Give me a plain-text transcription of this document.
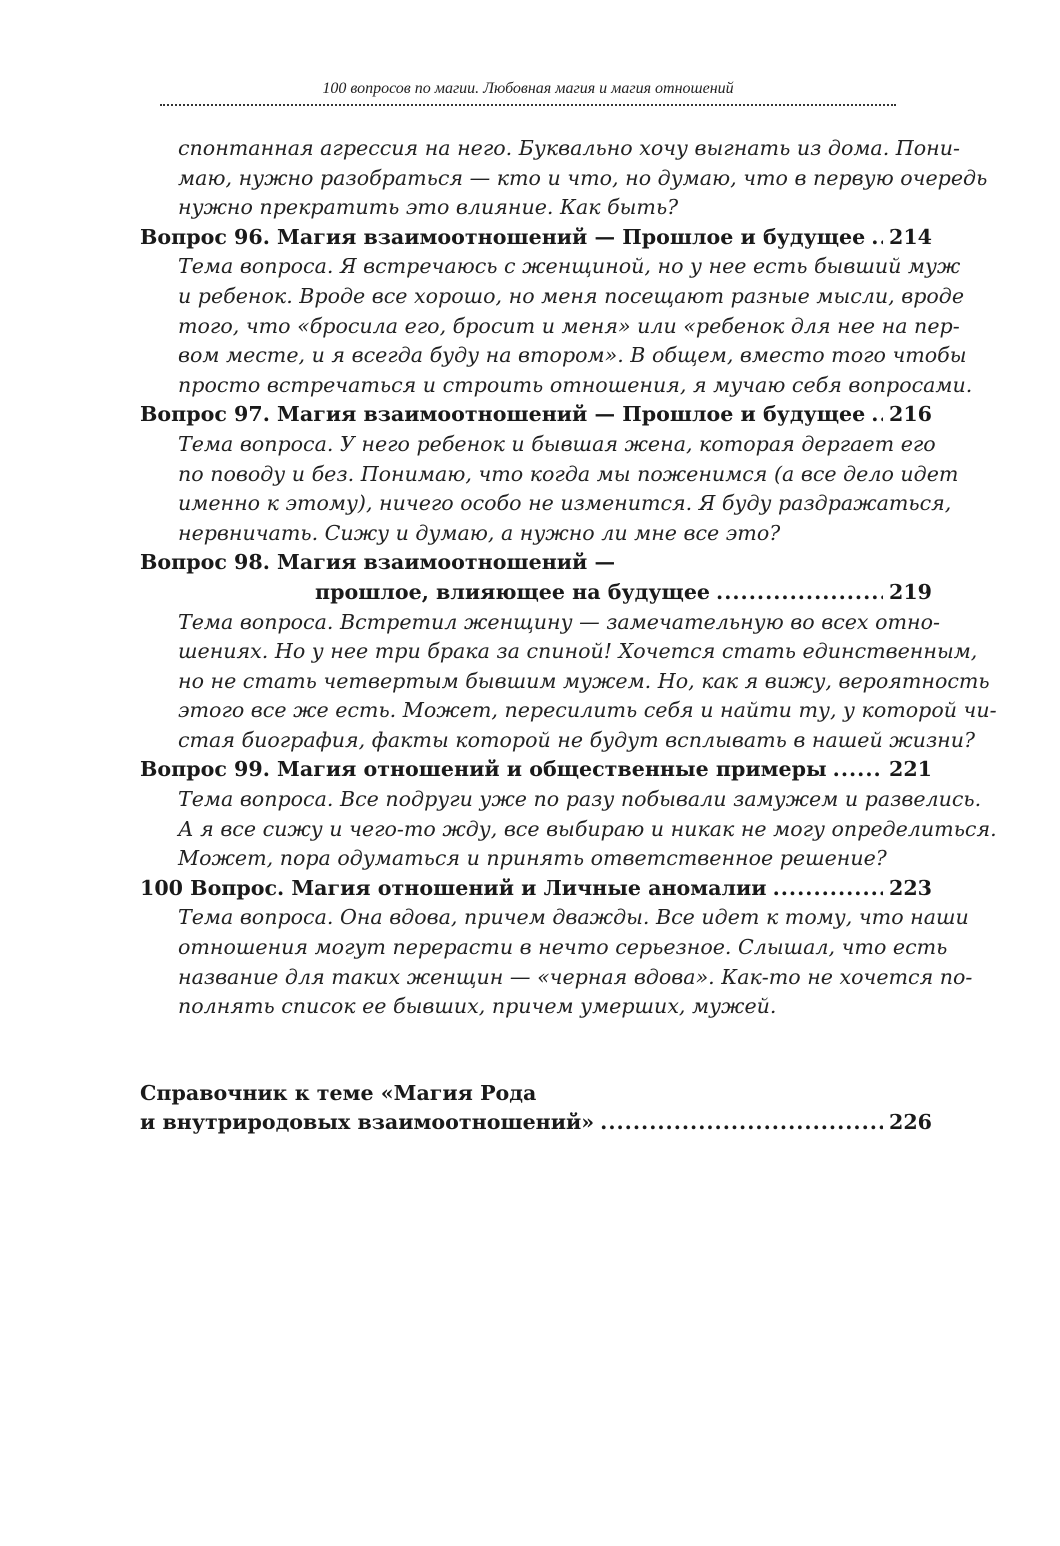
100 вопросов по магии. Любовная магия и магия отношений
спонтанная агрессия на него. Буквально хочу выгнать из дома. Пони-
маю, нужно разобраться — кто и что, но думаю, что в первую очередь
нужно прекратить это влияние. Как быть?
Вопрос 96. Магия взаимоотношений — Прошлое и будущее ..... 214
Тема вопроса. Я встречаюсь с женщиной, но у нее есть бывший муж
и ребенок. Вроде все хорошо, но меня посещают разные мысли, вроде
того, что «бросила его, бросит и меня» или «ребенок для нее на пер-
вом месте, и я всегда буду на втором». В общем, вместо того чтобы
просто встречаться и строить отношения, я мучаю себя вопросами.
Вопрос 97. Магия взаимоотношений — Прошлое и будущее ..... 216
Тема вопроса. У него ребенок и бывшая жена, которая дергает его
по поводу и без. Понимаю, что когда мы поженимся (а все дело идет
именно к этому), ничего особо не изменится. Я буду раздражаться,
нервничать. Сижу и думаю, а нужно ли мне все это?
Вопрос 98. Магия взаимоотношений —
прошлое, влияющее на будущее .....	219
Тема вопроса. Встретил женщину — замечательную во всех отно-
шениях. Но у нее три брака за спиной! Хочется стать единственным,
но не стать четвертым бывшим мужем. Но, как я вижу, вероятность
этого все же есть. Может, пересилить себя и найти ту, у которой чи-
стая биография, факты которой не будут всплывать в нашей жизни?
Вопрос 99. Магия отношений и общественные примеры .....	221
Тема вопроса. Все подруги уже по разу побывали замужем и развелись.
А я все сижу и чего-то жду, все выбираю и никак не могу определиться.
Может, пора одуматься и принять ответственное решение?
100 Вопрос. Магия отношений и Личные аномалии .....	223
Тема вопроса. Она вдова, причем дважды. Все идет к тому, что наши
отношения могут перерасти в нечто серьезное. Слышал, что есть
название для таких женщин — «черная вдова». Как-то не хочется по-
полнять список ее бывших, причем умерших, мужей.
Справочник к теме «Магия Рода
и внутриродовых взаимоотношений» .....	226
